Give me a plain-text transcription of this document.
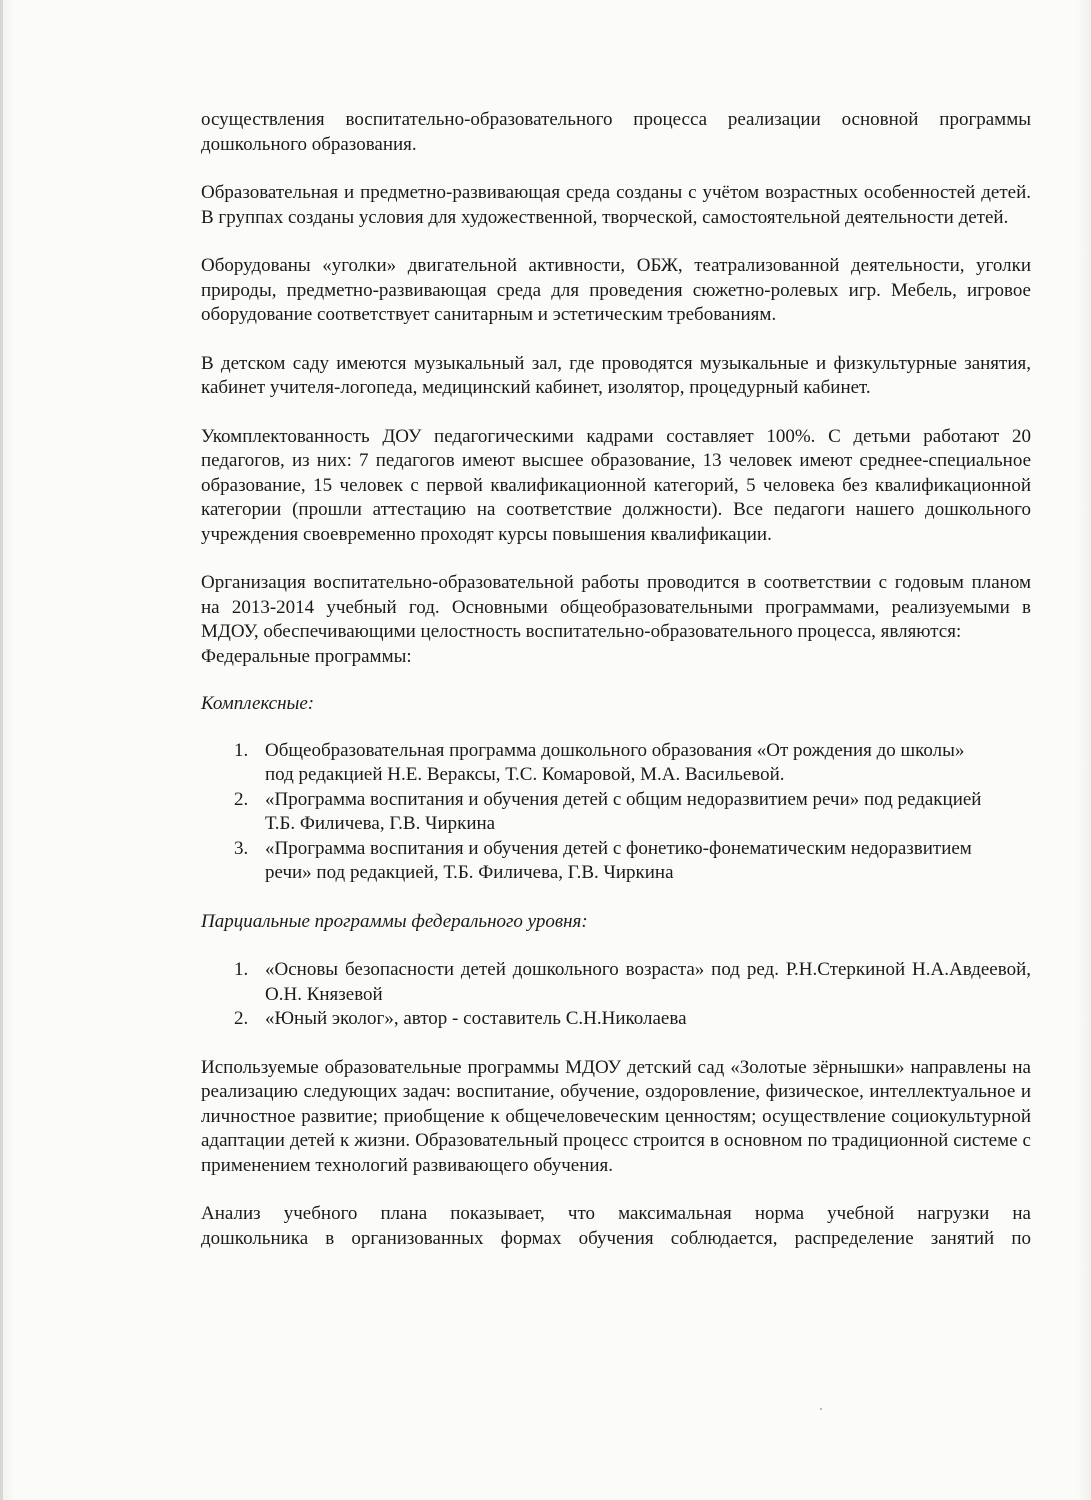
осуществления воспитательно-образовательного процесса реализации основной программы дошкольного образования.

Образовательная и предметно-развивающая среда созданы с учётом возрастных особенностей детей. В группах созданы условия для художественной, творческой, самостоятельной деятельности детей.

Оборудованы «уголки» двигательной активности, ОБЖ, театрализованной деятельности, уголки природы, предметно-развивающая среда для проведения сюжетно-ролевых игр. Мебель, игровое оборудование соответствует санитарным и эстетическим требованиям.

В детском саду имеются музыкальный зал, где проводятся музыкальные и физкультурные занятия, кабинет учителя-логопеда, медицинский кабинет, изолятор, процедурный кабинет.

Укомплектованность ДОУ педагогическими кадрами составляет 100%. С детьми работают 20 педагогов, из них: 7 педагогов имеют высшее образование, 13 человек имеют среднее-специальное образование, 15 человек с первой квалификационной категорий, 5 человека без квалификационной категории (прошли аттестацию на соответствие должности). Все педагоги нашего дошкольного учреждения своевременно проходят курсы повышения квалификации.

Организация воспитательно-образовательной работы проводится в соответствии с годовым планом на 2013-2014 учебный год. Основными общеобразовательными программами, реализуемыми в МДОУ, обеспечивающими целостность воспитательно-образовательного процесса, являются:

Федеральные программы:

Комплексные:

1. Общеобразовательная программа дошкольного образования «От рождения до школы» под редакцией Н.Е. Вераксы, Т.С. Комаровой, М.А. Васильевой.
2. «Программа воспитания и обучения детей с общим недоразвитием речи» под редакцией Т.Б. Филичева, Г.В. Чиркина
3. «Программа воспитания и обучения детей с фонетико-фонематическим недоразвитием речи» под редакцией, Т.Б. Филичева, Г.В. Чиркина

Парциальные программы федерального уровня:

1. «Основы безопасности детей дошкольного возраста» под ред. Р.Н.Стеркиной Н.А.Авдеевой, О.Н. Князевой
2. «Юный эколог», автор - составитель С.Н.Николаева

Используемые образовательные программы МДОУ детский сад «Золотые зёрнышки» направлены на реализацию следующих задач: воспитание, обучение, оздоровление, физическое, интеллектуальное и личностное развитие; приобщение к общечеловеческим ценностям; осуществление социокультурной адаптации детей к жизни. Образовательный процесс строится в основном по традиционной системе с применением технологий развивающего обучения.

Анализ учебного плана показывает, что максимальная норма учебной нагрузки на

дошкольника в организованных формах обучения соблюдается, распределение занятий по
